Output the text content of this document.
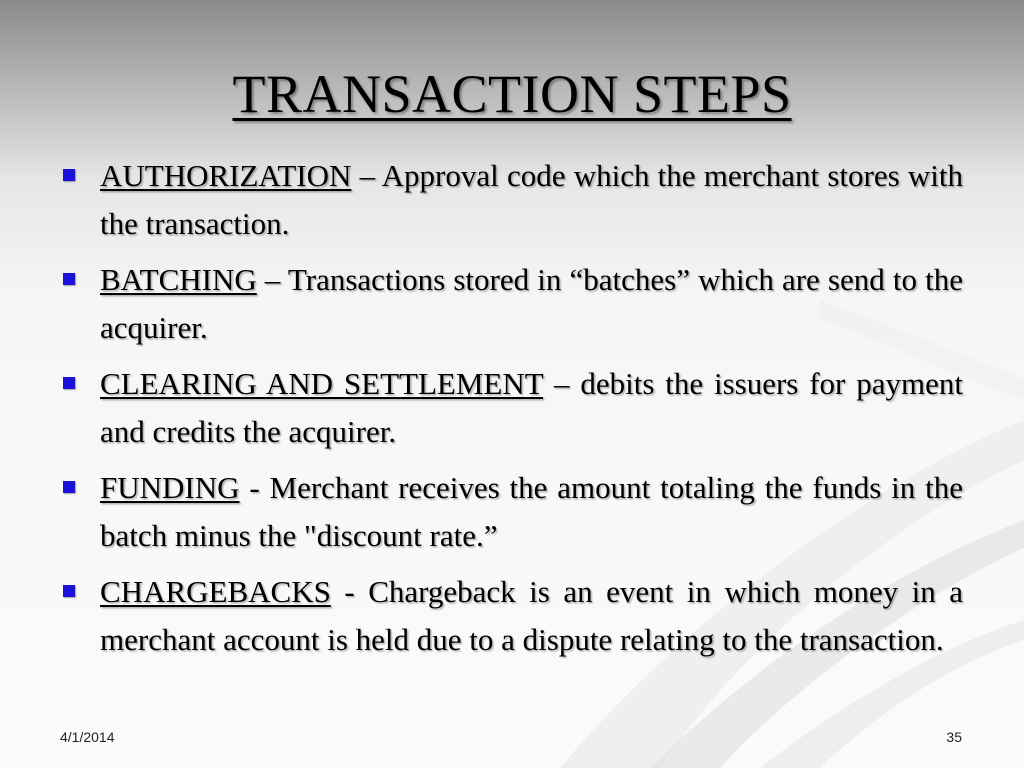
TRANSACTION STEPS
AUTHORIZATION – Approval code which the merchant stores with the transaction.
BATCHING – Transactions stored in “batches” which are send to the acquirer.
CLEARING AND SETTLEMENT – debits the issuers for payment and credits the acquirer.
FUNDING - Merchant receives the amount totaling the funds in the batch minus the "discount rate.”
CHARGEBACKS - Chargeback is an event in which money in a merchant account is held due to a dispute relating to the transaction.
4/1/2014	35
